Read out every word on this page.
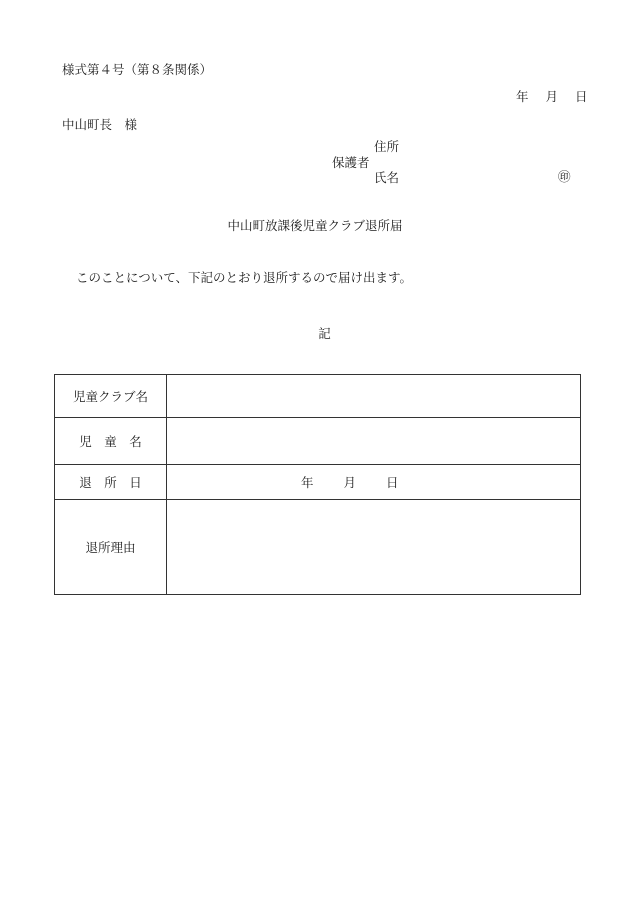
様式第４号（第８条関係）
年 月 日
中山町長　様
住所
保護者
氏名	㊞
中山町放課後児童クラブ退所届
このことについて、下記のとおり退所するので届け出ます。
記
児童クラブ名	
児　童　名	
退　所　日	年 月 日
退所理由	
